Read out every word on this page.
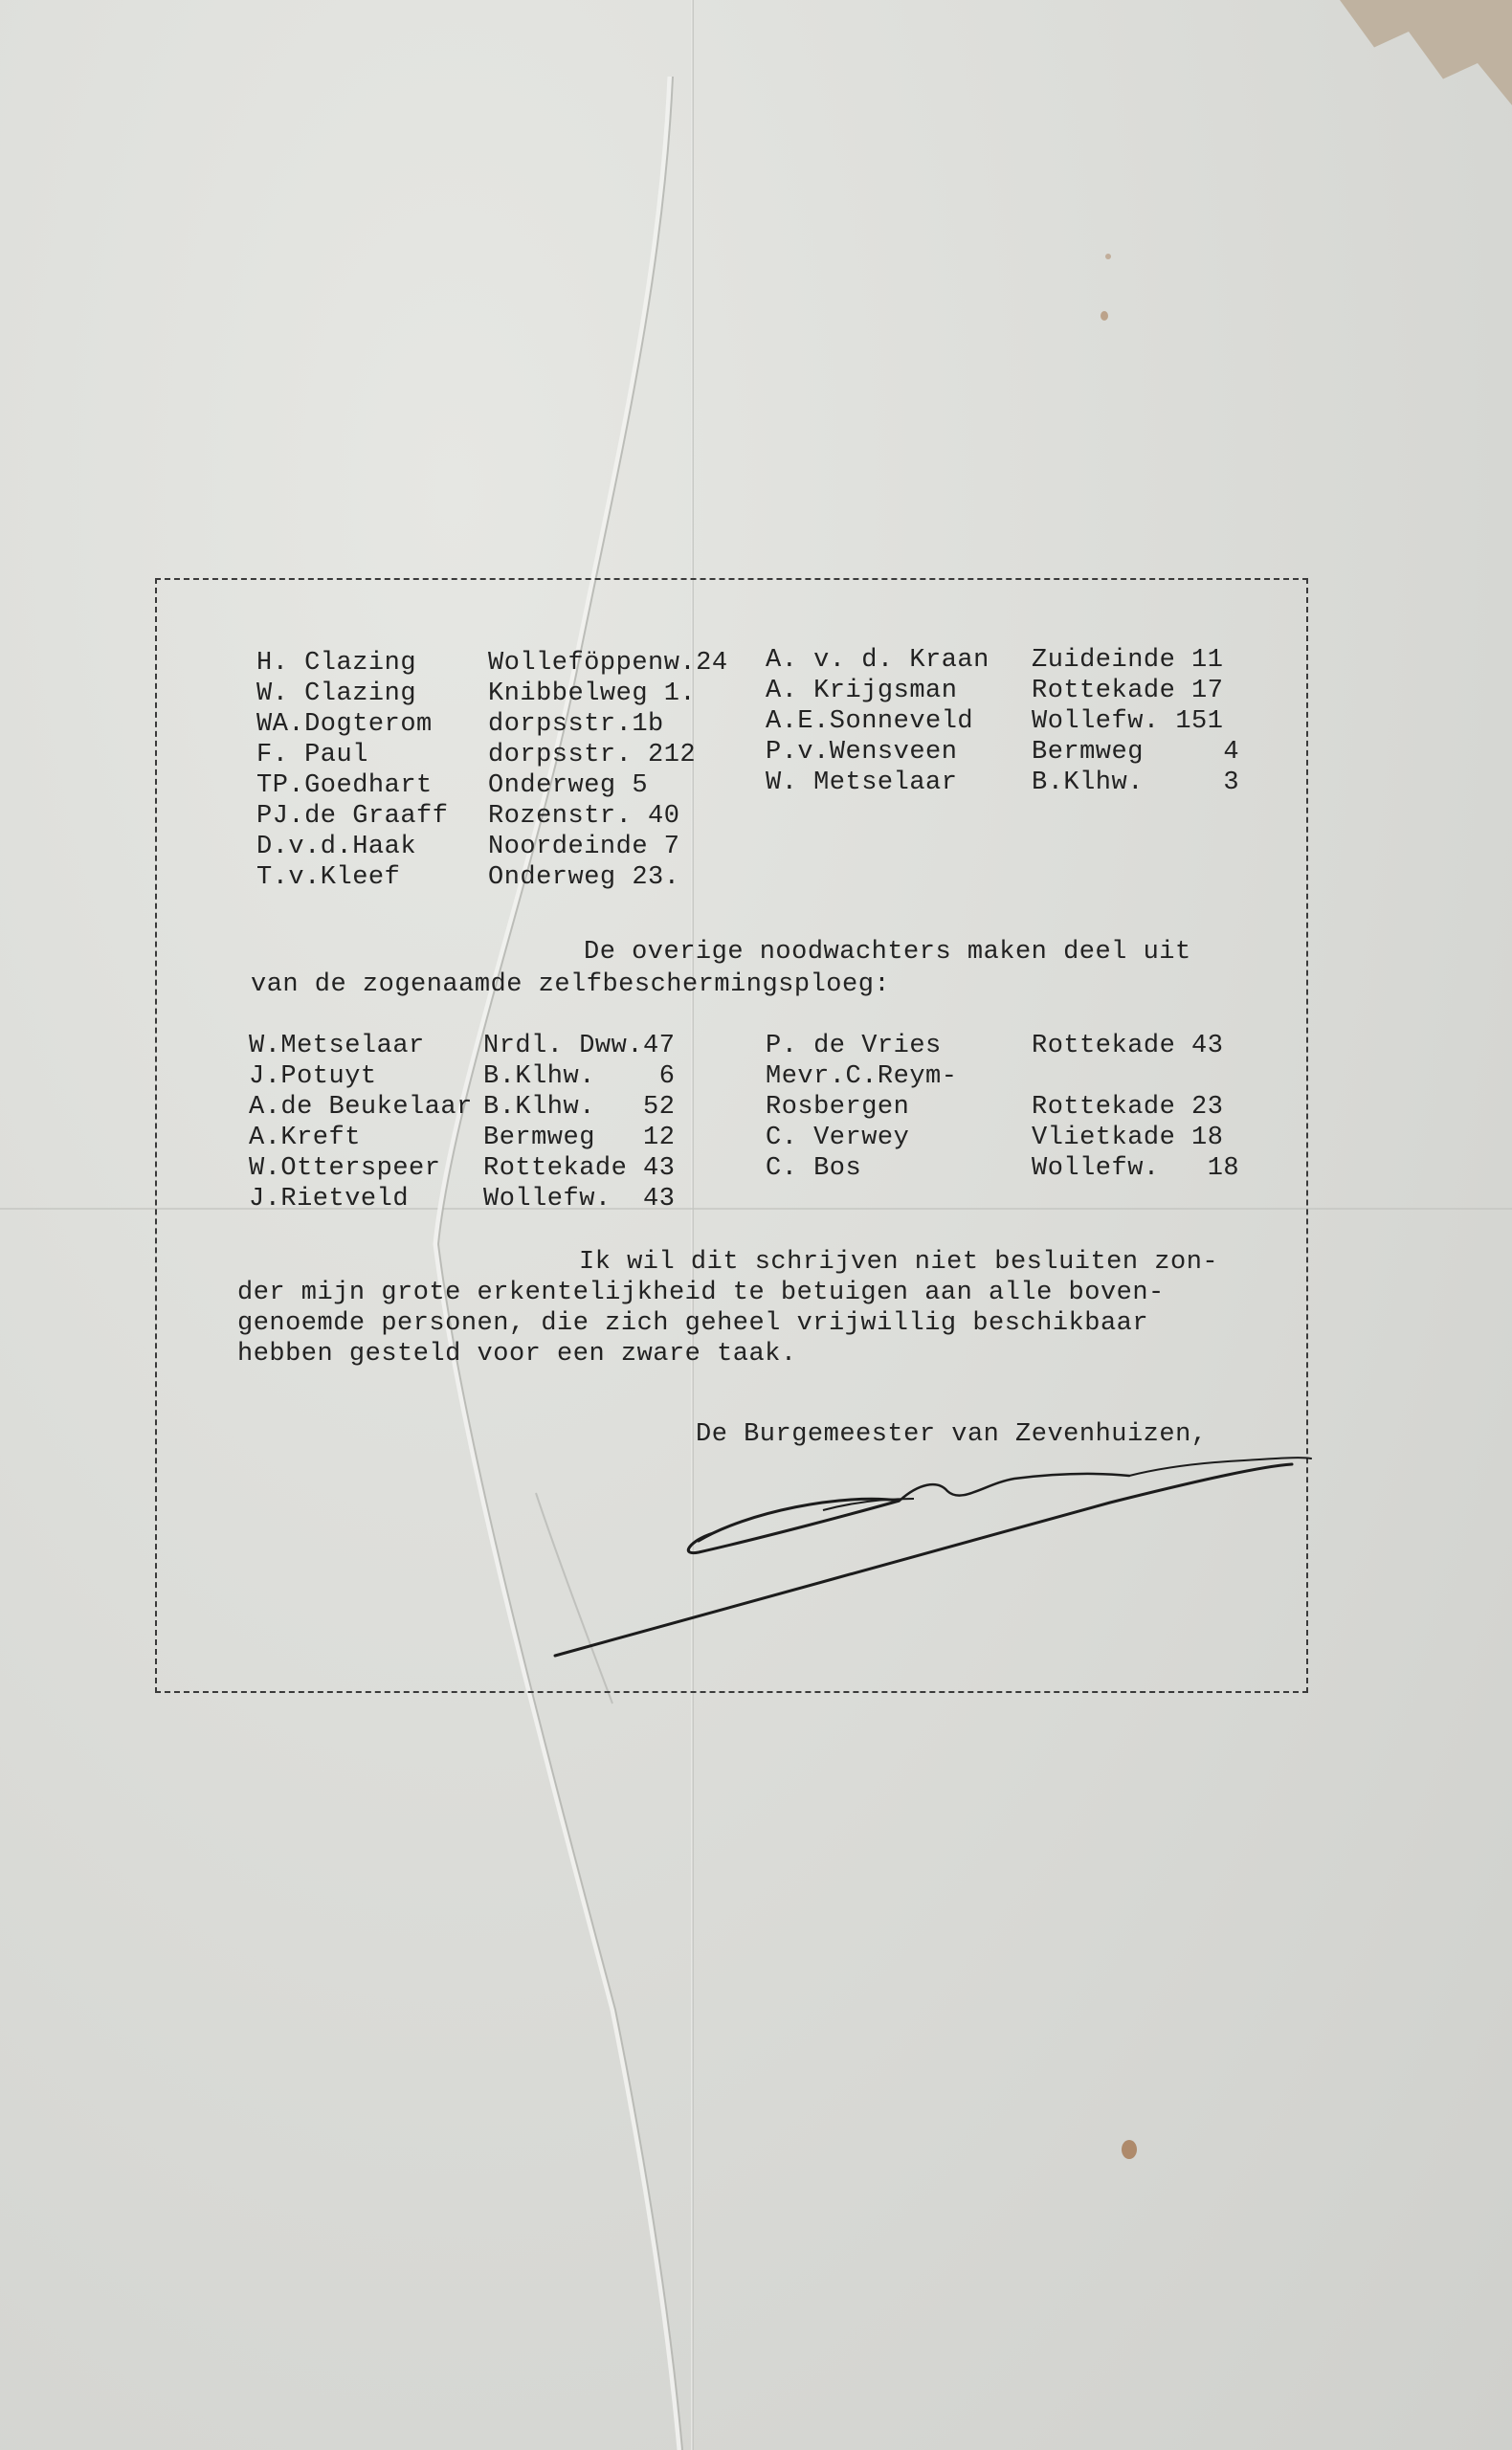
H. Clazing	Wolleföppenw.24
W. Clazing	Knibbelweg 1.
WA.Dogterom dorpsstr.1b
F. Paul	dorpsstr. 212
TP.Goedhart Onderweg 5
PJ.de Graaff Rozenstr. 40
D.v.d.Haak	Noordeinde 7
T.v.Kleef	Onderweg 23.
A. v. d. Kraan Zuideinde 11
A. Krijgsman	Rottekade 17
A.E.Sonneveld Wollefw. 151
P.v.Wensveen	Bermweg     4
W. Metselaar	B.Klhw.     3
De overige noodwachters maken deel uit
van de zogenaamde zelfbeschermingsploeg:
W.Metselaar Nrdl. Dww.47
J.Potuyt	B.Klhw.    6
A.de Beukelaar B.Klhw.   52
A.Kreft	Bermweg   12
W.Otterspeer Rottekade 43
J.Rietveld	Wollefw.  43
P. de Vries	Rottekade 43
Mevr.C.Reym-
Rosbergen	Rottekade 23
C. Verwey	Vlietkade 18
C. Bos	Wollefw.   18
Ik wil dit schrijven niet besluiten zon-
der mijn grote erkentelijkheid te betuigen aan alle boven-
genoemde personen, die zich geheel vrijwillig beschikbaar
hebben gesteld voor een zware taak.
De Burgemeester van Zevenhuizen,
